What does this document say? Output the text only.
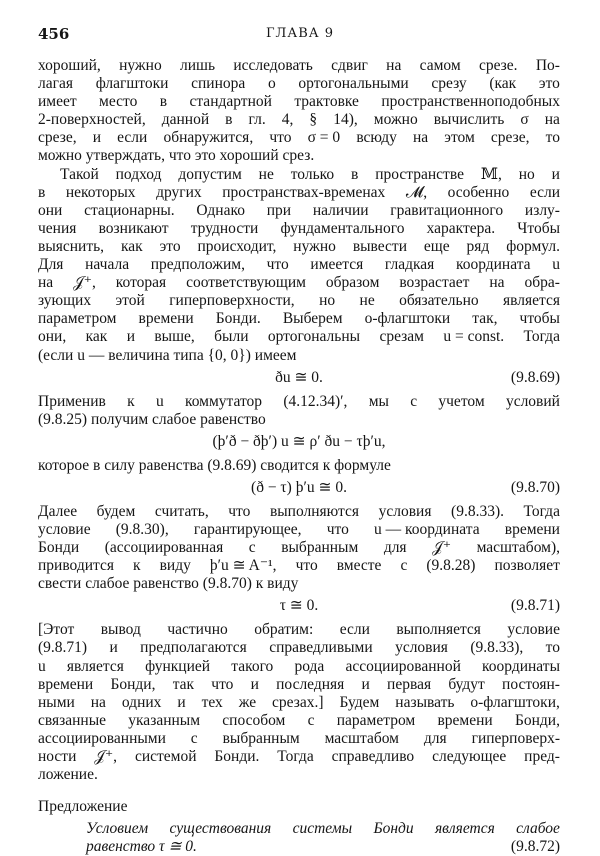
456	ГЛАВА 9
хороший, нужно лишь исследовать сдвиг на самом срезе. По-
лагая флагштоки спинора о ортогональными срезу (как это
имеет место в стандартной трактовке пространственноподобных
2-поверхностей, данной в гл. 4, § 14), можно вычислить σ на
срезе, и если обнаружится, что σ = 0 всюду на этом срезе, то
можно утверждать, что это хороший срез.
Такой подход допустим не только в пространстве 𝕄, но и
в некоторых других пространствах-временах 𝓜, особенно если
они стационарны. Однако при наличии гравитационного излу-
чения возникают трудности фундаментального характера. Чтобы
выяснить, как это происходит, нужно вывести еще ряд формул.
Для начала предположим, что имеется гладкая координата u
на 𝒥⁺, которая соответствующим образом возрастает на обра-
зующих этой гиперповерхности, но не обязательно является
параметром времени Бонди. Выберем о-флагштоки так, чтобы
они, как и выше, были ортогональны срезам u = const. Тогда
(если u — величина типа {0, 0}) имеем
ðu ≅ 0.	(9.8.69)
Применив к u коммутатор (4.12.34)′, мы с учетом условий
(9.8.25) получим слабое равенство
(þ′ð − ðþ′) u ≅ ρ′ ðu − τþ′u,
которое в силу равенства (9.8.69) сводится к формуле
(ð − τ) þ′u ≅ 0.	(9.8.70)
Далее будем считать, что выполняются условия (9.8.33). Тогда
условие (9.8.30), гарантирующее, что u — координата времени
Бонди (ассоциированная с выбранным для 𝒥⁺ масштабом),
приводится к виду þ′u ≅ A⁻¹, что вместе с (9.8.28) позволяет
свести слабое равенство (9.8.70) к виду
τ ≅ 0.	(9.8.71)
[Этот вывод частично обратим: если выполняется условие
(9.8.71) и предполагаются справедливыми условия (9.8.33), то
u является функцией такого рода ассоциированной координаты
времени Бонди, так что и последняя и первая будут постоян-
ными на одних и тех же срезах.] Будем называть о-флагштоки,
связанные указанным способом с параметром времени Бонди,
ассоциированными с выбранным масштабом для гиперповерх-
ности 𝒥⁺, системой Бонди. Тогда справедливо следующее пред-
ложение.
Предложение
Условием существования системы Бонди является слабое
равенство τ ≅ 0.	(9.8.72)
